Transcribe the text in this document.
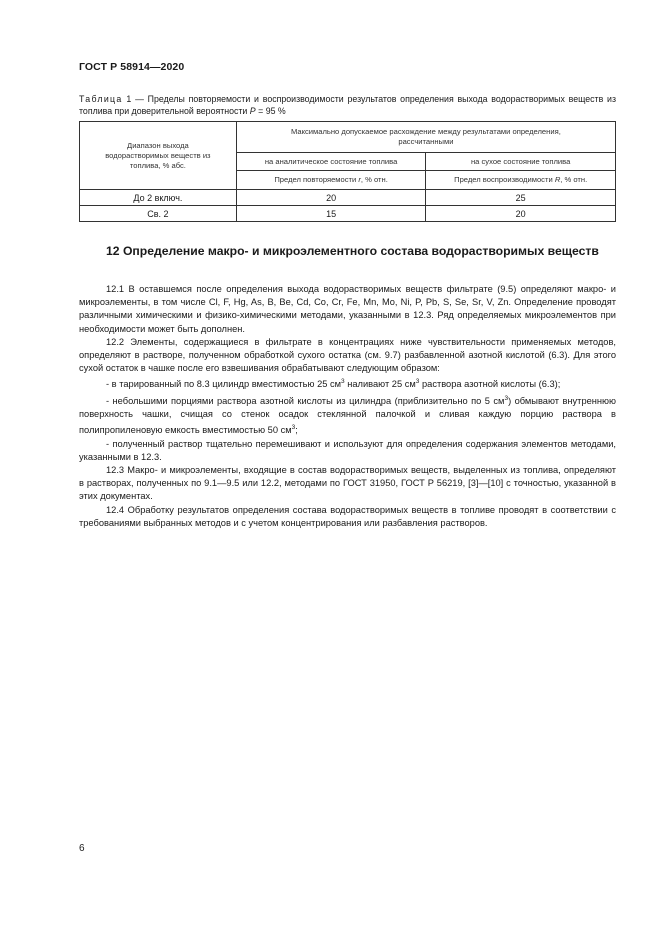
ГОСТ Р 58914—2020
Таблица 1 — Пределы повторяемости и воспроизводимости результатов определения выхода водорастворимых веществ из топлива при доверительной вероятности P = 95 %
Диапазон выхода водорастворимых веществ из топлива, % абс.	Максимально допускаемое расхождение между результатами определения, рассчитанными	
	на аналитическое состояние топлива	на сухое состояние топлива
	Предел повторяемости r, % отн.	Предел воспроизводимости R, % отн.
До 2 включ.	20	25
Св. 2	15	20
12 Определение макро- и микроэлементного состава водорастворимых веществ

12.1 В оставшемся после определения выхода водорастворимых веществ фильтрате (9.5) определяют макро- и микроэлементы, в том числе Cl, F, Hg, As, B, Be, Cd, Co, Cr, Fe, Mn, Mo, Ni, P, Pb, S, Se, Sr, V, Zn. Определение проводят различными химическими и физико-химическими методами, указанными в 12.3. Ряд определяемых микроэлементов при необходимости может быть дополнен.

12.2 Элементы, содержащиеся в фильтрате в концентрациях ниже чувствительности применяемых методов, определяют в растворе, полученном обработкой сухого остатка (см. 9.7) разбавленной азотной кислотой (6.3). Для этого сухой остаток в чашке после его взвешивания обрабатывают следующим образом:

- в тарированный по 8.3 цилиндр вместимостью 25 $см^3$ наливают 25 $см^3$ раствора азотной кислоты (6.3);

- небольшими порциями раствора азотной кислоты из цилиндра (приблизительно по 5 $см^3$) обмывают внутреннюю поверхность чашки, счищая со стенок осадок стеклянной палочкой и сливая каждую порцию раствора в полипропиленовую емкость вместимостью 50 $см^3$;

- полученный раствор тщательно перемешивают и используют для определения содержания элементов методами, указанными в 12.3.

12.3 Макро- и микроэлементы, входящие в состав водорастворимых веществ, выделенных из топлива, определяют в растворах, полученных по 9.1—9.5 или 12.2, методами по ГОСТ 31950, ГОСТ Р 56219, [3]—[10] с точностью, указанной в этих документах.

12.4 Обработку результатов определения состава водорастворимых веществ в топливе проводят в соответствии с требованиями выбранных методов и с учетом концентрирования или разбавления растворов.

6
